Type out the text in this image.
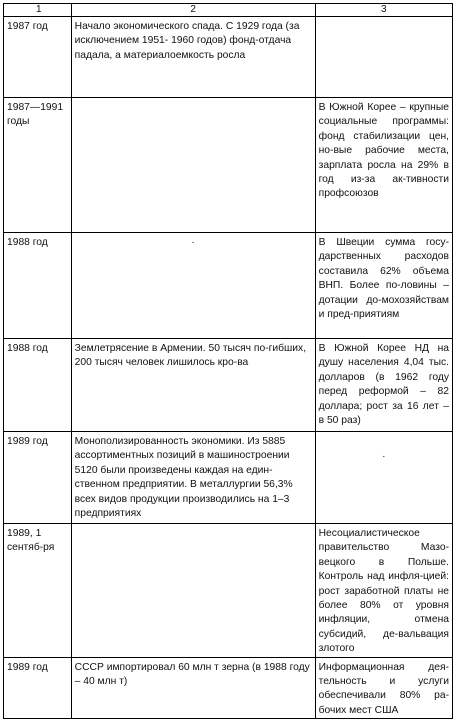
1	2	3

1987 год	Начало экономического спада. С 1929 года (за исключением 1951- 1960 годов) фонд-отдача падала, а материалоемкость росла	

1987—1991 годы		В Южной Корее – крупные социальные программы: фонд стабилизации цен, но-вые рабочие места, зарплата росла на 29% в год из-за ак-тивности профсоюзов

1988 год	·	В Швеции сумма госу-дарственных расходов составила 62% объема ВНП. Более по-ловины – дотации до-мохозяйствам и пред-приятиям

1988 год	Землетрясение в Армении. 50 тысяч по-гибших, 200 тысяч человек лишилось кро-ва	В Южной Корее НД на душу населения 4,04 тыс. долларов (в 1962 году перед реформой – 82 доллара; рост за 16 лет – в 50 раз)

1989 год	Монополизированность экономики. Из 5885 ассортиментных позиций в машиностроении 5120 были произведены каждая на един-ственном предприятии. В металлургии 56,3% всех видов продукции производились на 1–3 предприятиях	·

1989, 1 сентяб-ря		Несоциалистическое правительство Мазо-вецкого в Польше. Контроль над инфля-цией: рост заработной платы не более 80% от уровня инфляции, отмена субсидий, де-вальвация злотого

1989 год	СССР импортировал 60 млн т зерна (в 1988 году – 40 млн т)	Информационная дея-тельность и услуги обеспечивали 80% ра-бочих мест США
